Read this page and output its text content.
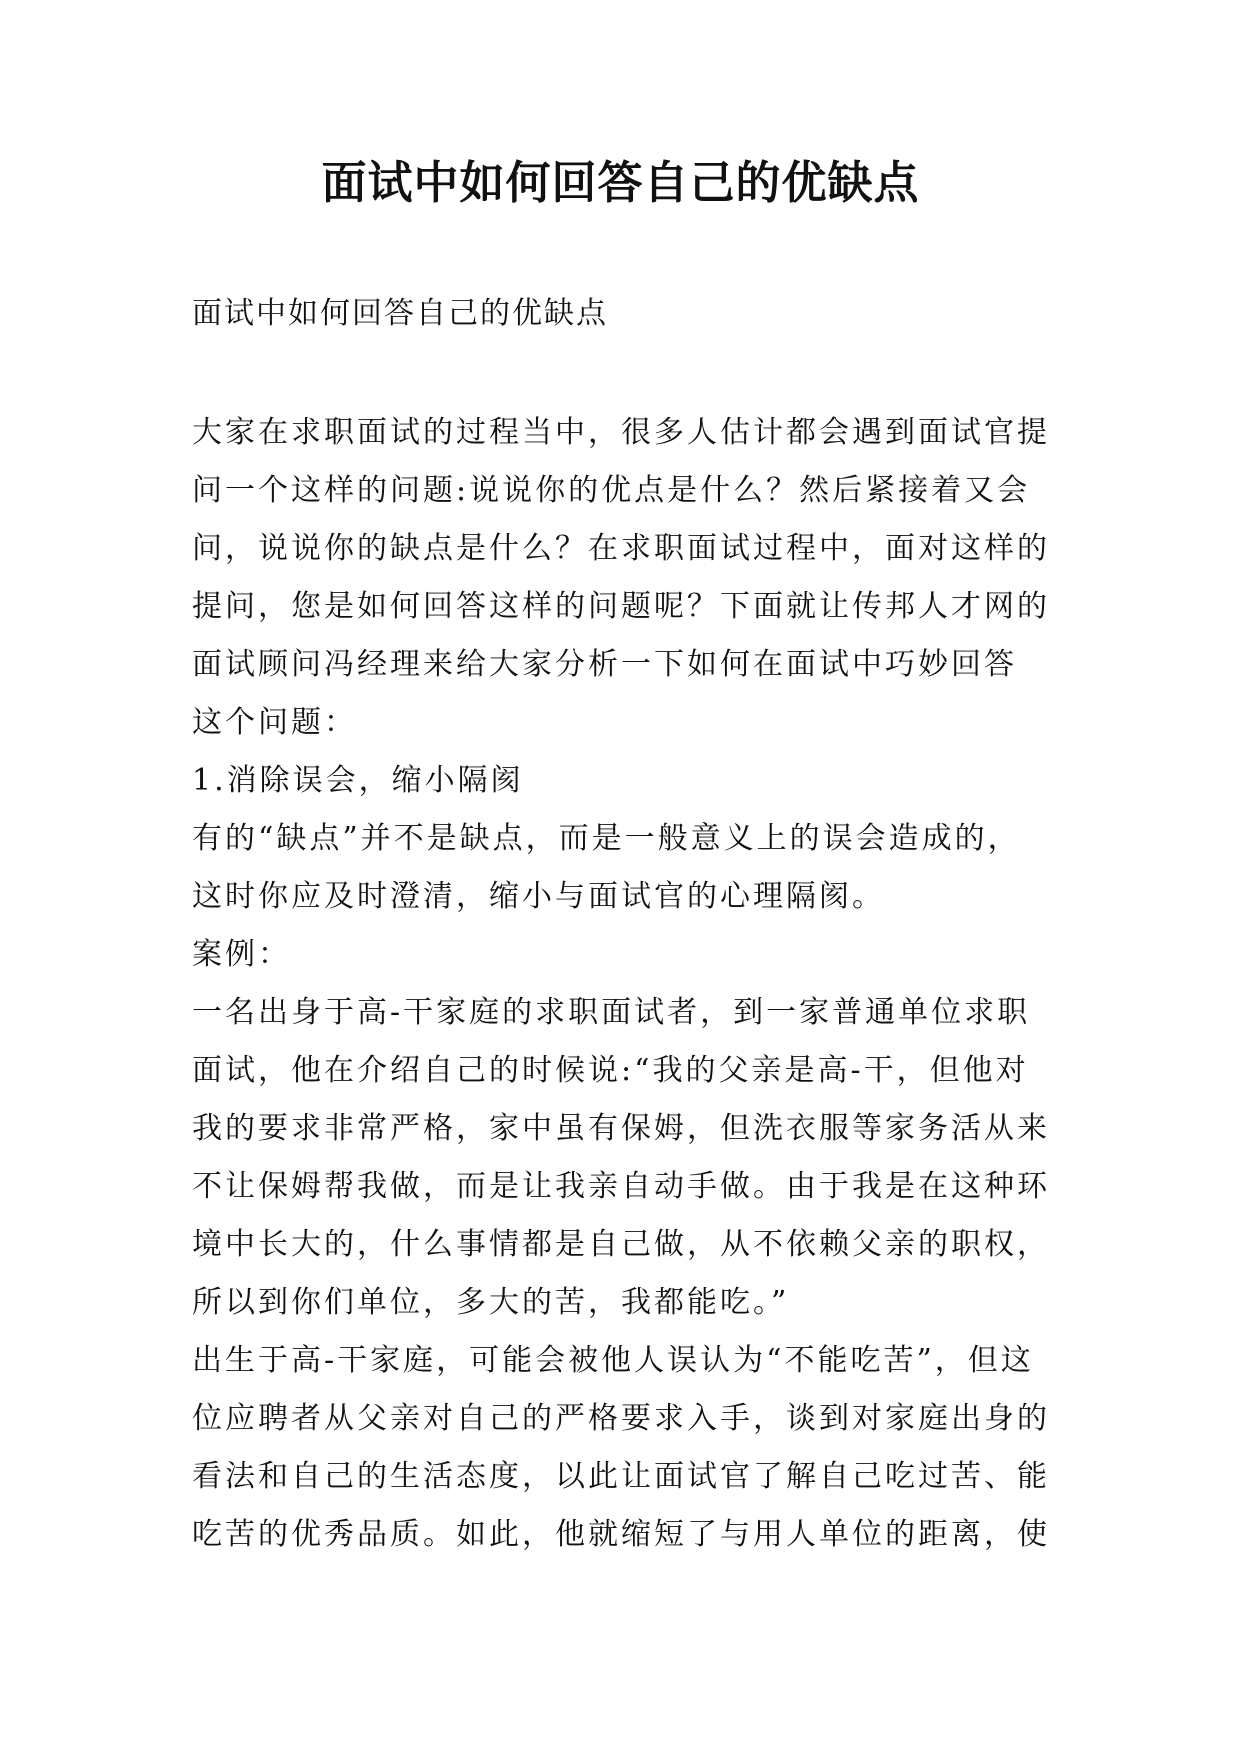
面试中如何回答自己的优缺点

面试中如何回答自己的优缺点

大家在求职面试的过程当中，很多人估计都会遇到面试官提
问一个这样的问题:说说你的优点是什么？然后紧接着又会
问，说说你的缺点是什么？在求职面试过程中，面对这样的
提问，您是如何回答这样的问题呢？下面就让传邦人才网的
面试顾问冯经理来给大家分析一下如何在面试中巧妙回答
这个问题：
1.消除误会，缩小隔阂
有的“缺点”并不是缺点，而是一般意义上的误会造成的，
这时你应及时澄清，缩小与面试官的心理隔阂。
案例：
一名出身于高-干家庭的求职面试者，到一家普通单位求职
面试，他在介绍自己的时候说:“我的父亲是高-干，但他对
我的要求非常严格，家中虽有保姆，但洗衣服等家务活从来
不让保姆帮我做，而是让我亲自动手做。由于我是在这种环
境中长大的，什么事情都是自己做，从不依赖父亲的职权，
所以到你们单位，多大的苦，我都能吃。”
出生于高-干家庭，可能会被他人误认为“不能吃苦”，但这
位应聘者从父亲对自己的严格要求入手，谈到对家庭出身的
看法和自己的生活态度，以此让面试官了解自己吃过苦、能
吃苦的优秀品质。如此，他就缩短了与用人单位的距离，使
